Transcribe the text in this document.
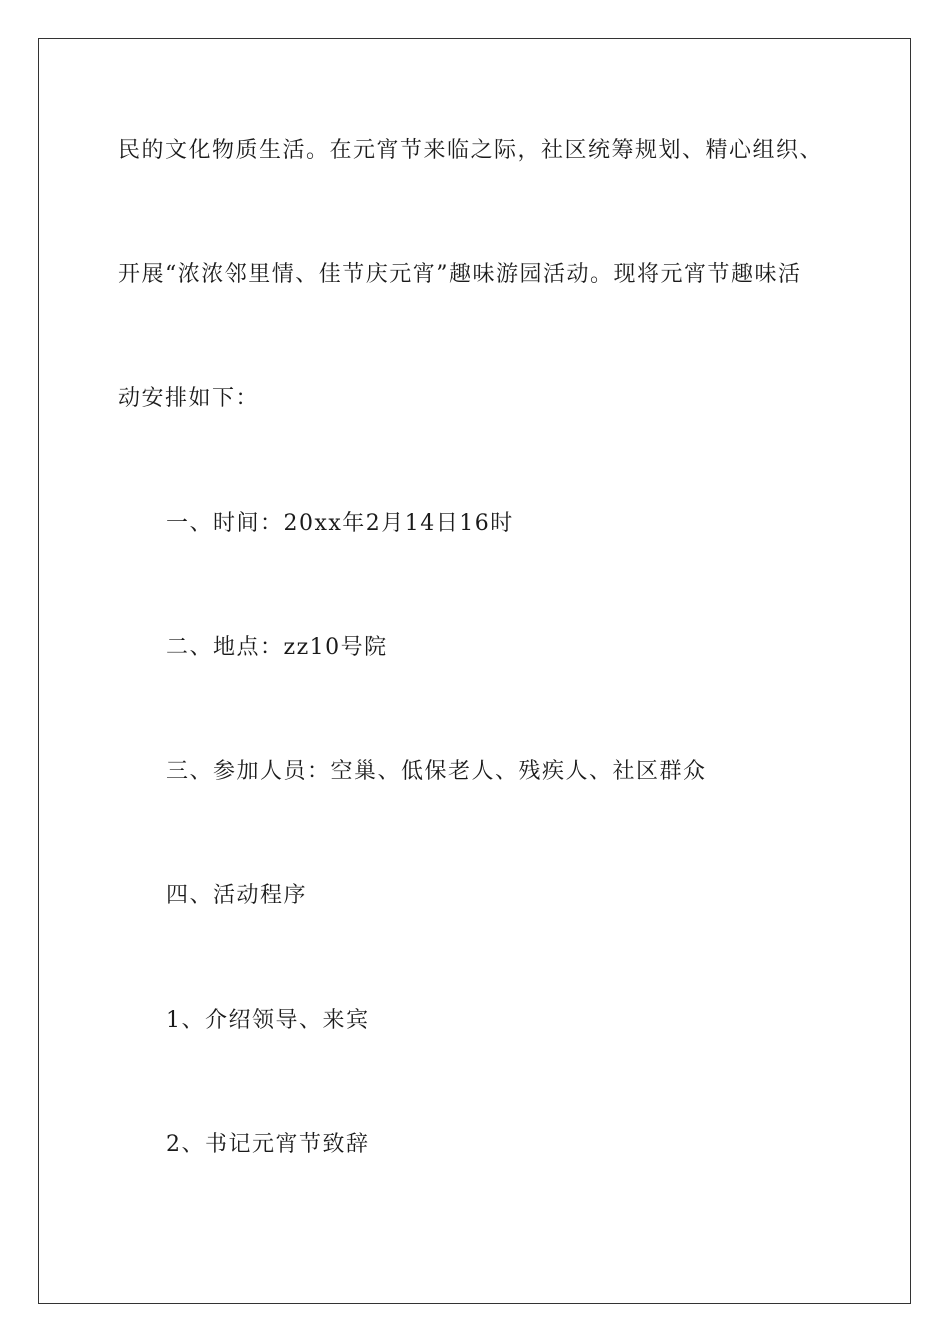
民的文化物质生活。在元宵节来临之际，社区统筹规划、精心组织、
开展“浓浓邻里情、佳节庆元宵”趣味游园活动。现将元宵节趣味活
动安排如下：
一、时间：20xx年2月14日16时
二、地点：zz10号院
三、参加人员：空巢、低保老人、残疾人、社区群众
四、活动程序
1、介绍领导、来宾
2、书记元宵节致辞
